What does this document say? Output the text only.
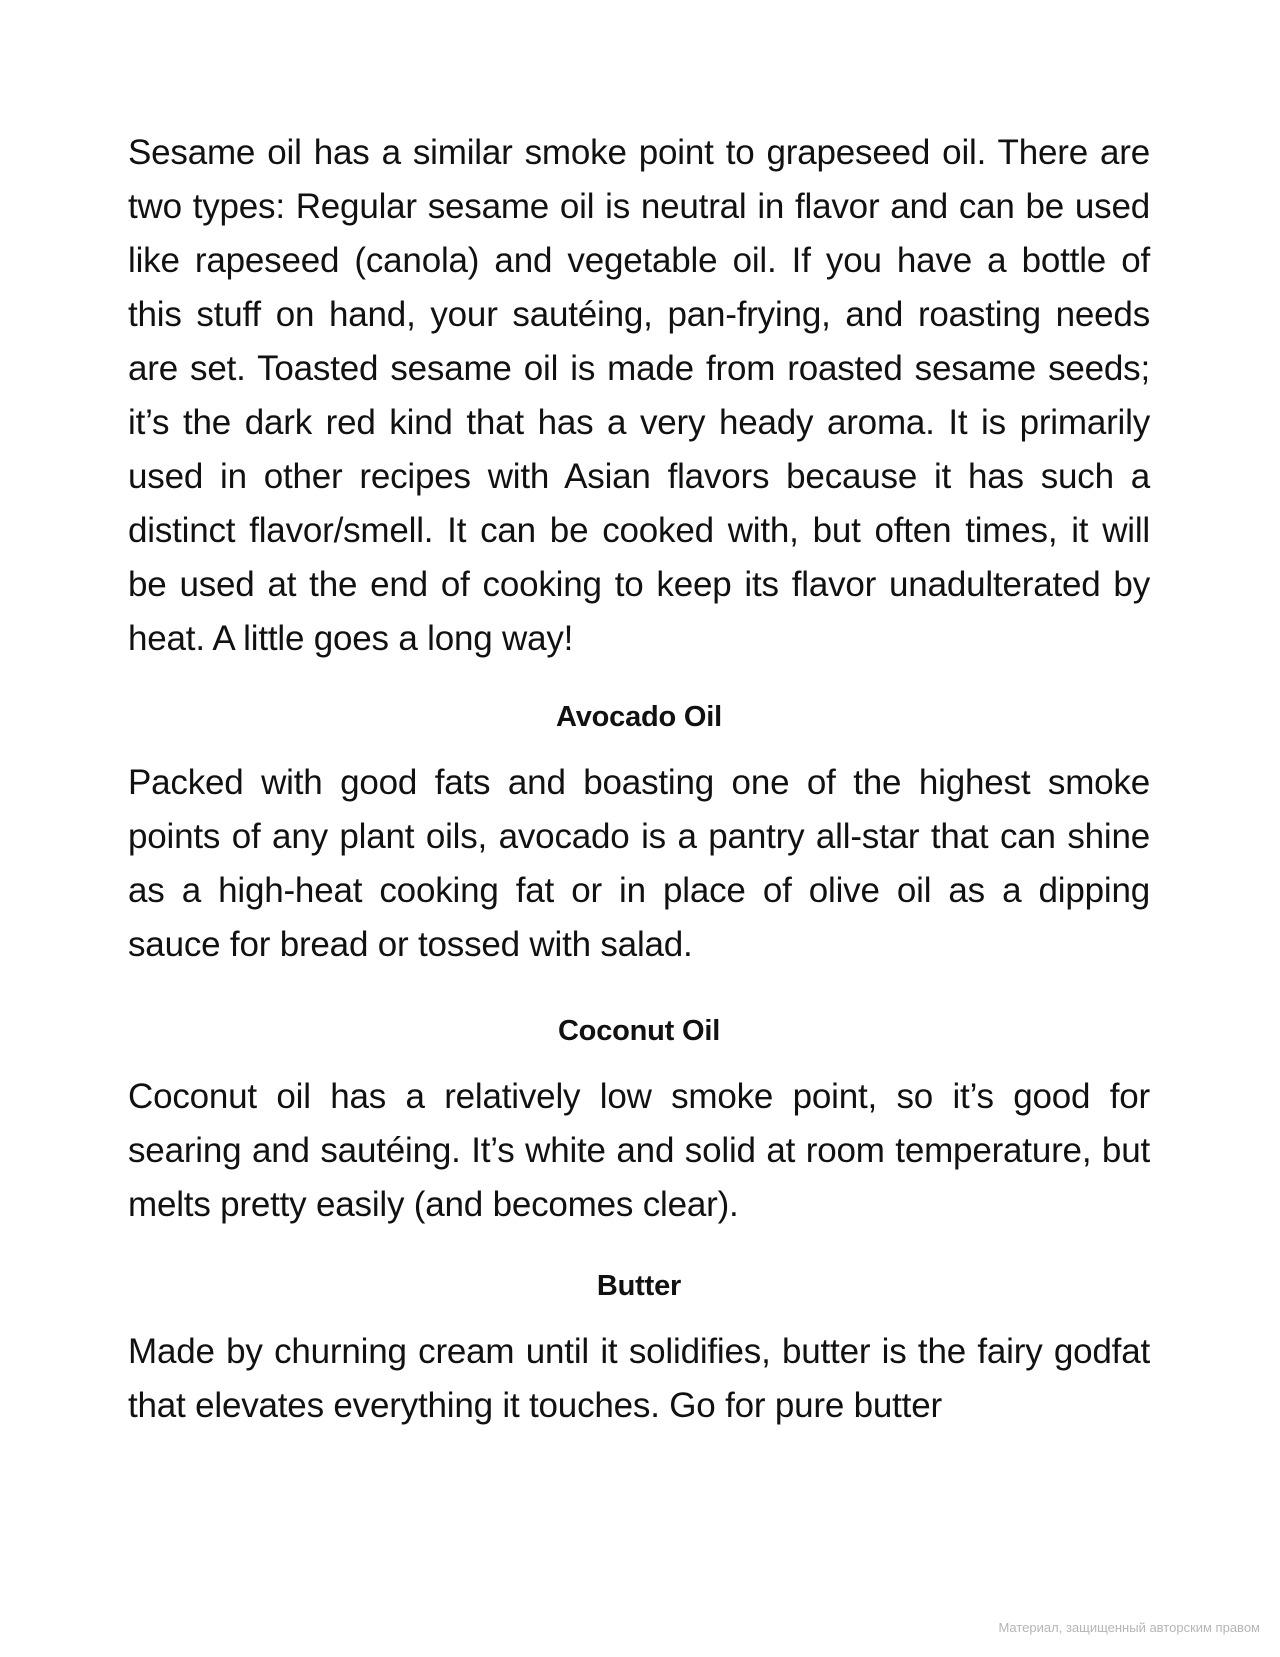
Sesame oil has a similar smoke point to grapeseed oil. There are two types: Regular sesame oil is neutral in flavor and can be used like rapeseed (canola) and vegetable oil. If you have a bottle of this stuff on hand, your sautéing, pan-frying, and roasting needs are set. Toasted sesame oil is made from roasted sesame seeds; it’s the dark red kind that has a very heady aroma. It is primarily used in other recipes with Asian flavors because it has such a distinct flavor/smell. It can be cooked with, but often times, it will be used at the end of cooking to keep its flavor unadulterated by heat. A little goes a long way!

Avocado Oil

Packed with good fats and boasting one of the highest smoke points of any plant oils, avocado is a pantry all-star that can shine as a high-heat cooking fat or in place of olive oil as a dipping sauce for bread or tossed with salad.

Coconut Oil

Coconut oil has a relatively low smoke point, so it’s good for searing and sautéing. It’s white and solid at room temperature, but melts pretty easily (and becomes clear).

Butter

Made by churning cream until it solidifies, butter is the fairy godfat that elevates everything it touches. Go for pure butter

Материал, защищенный авторским правом
